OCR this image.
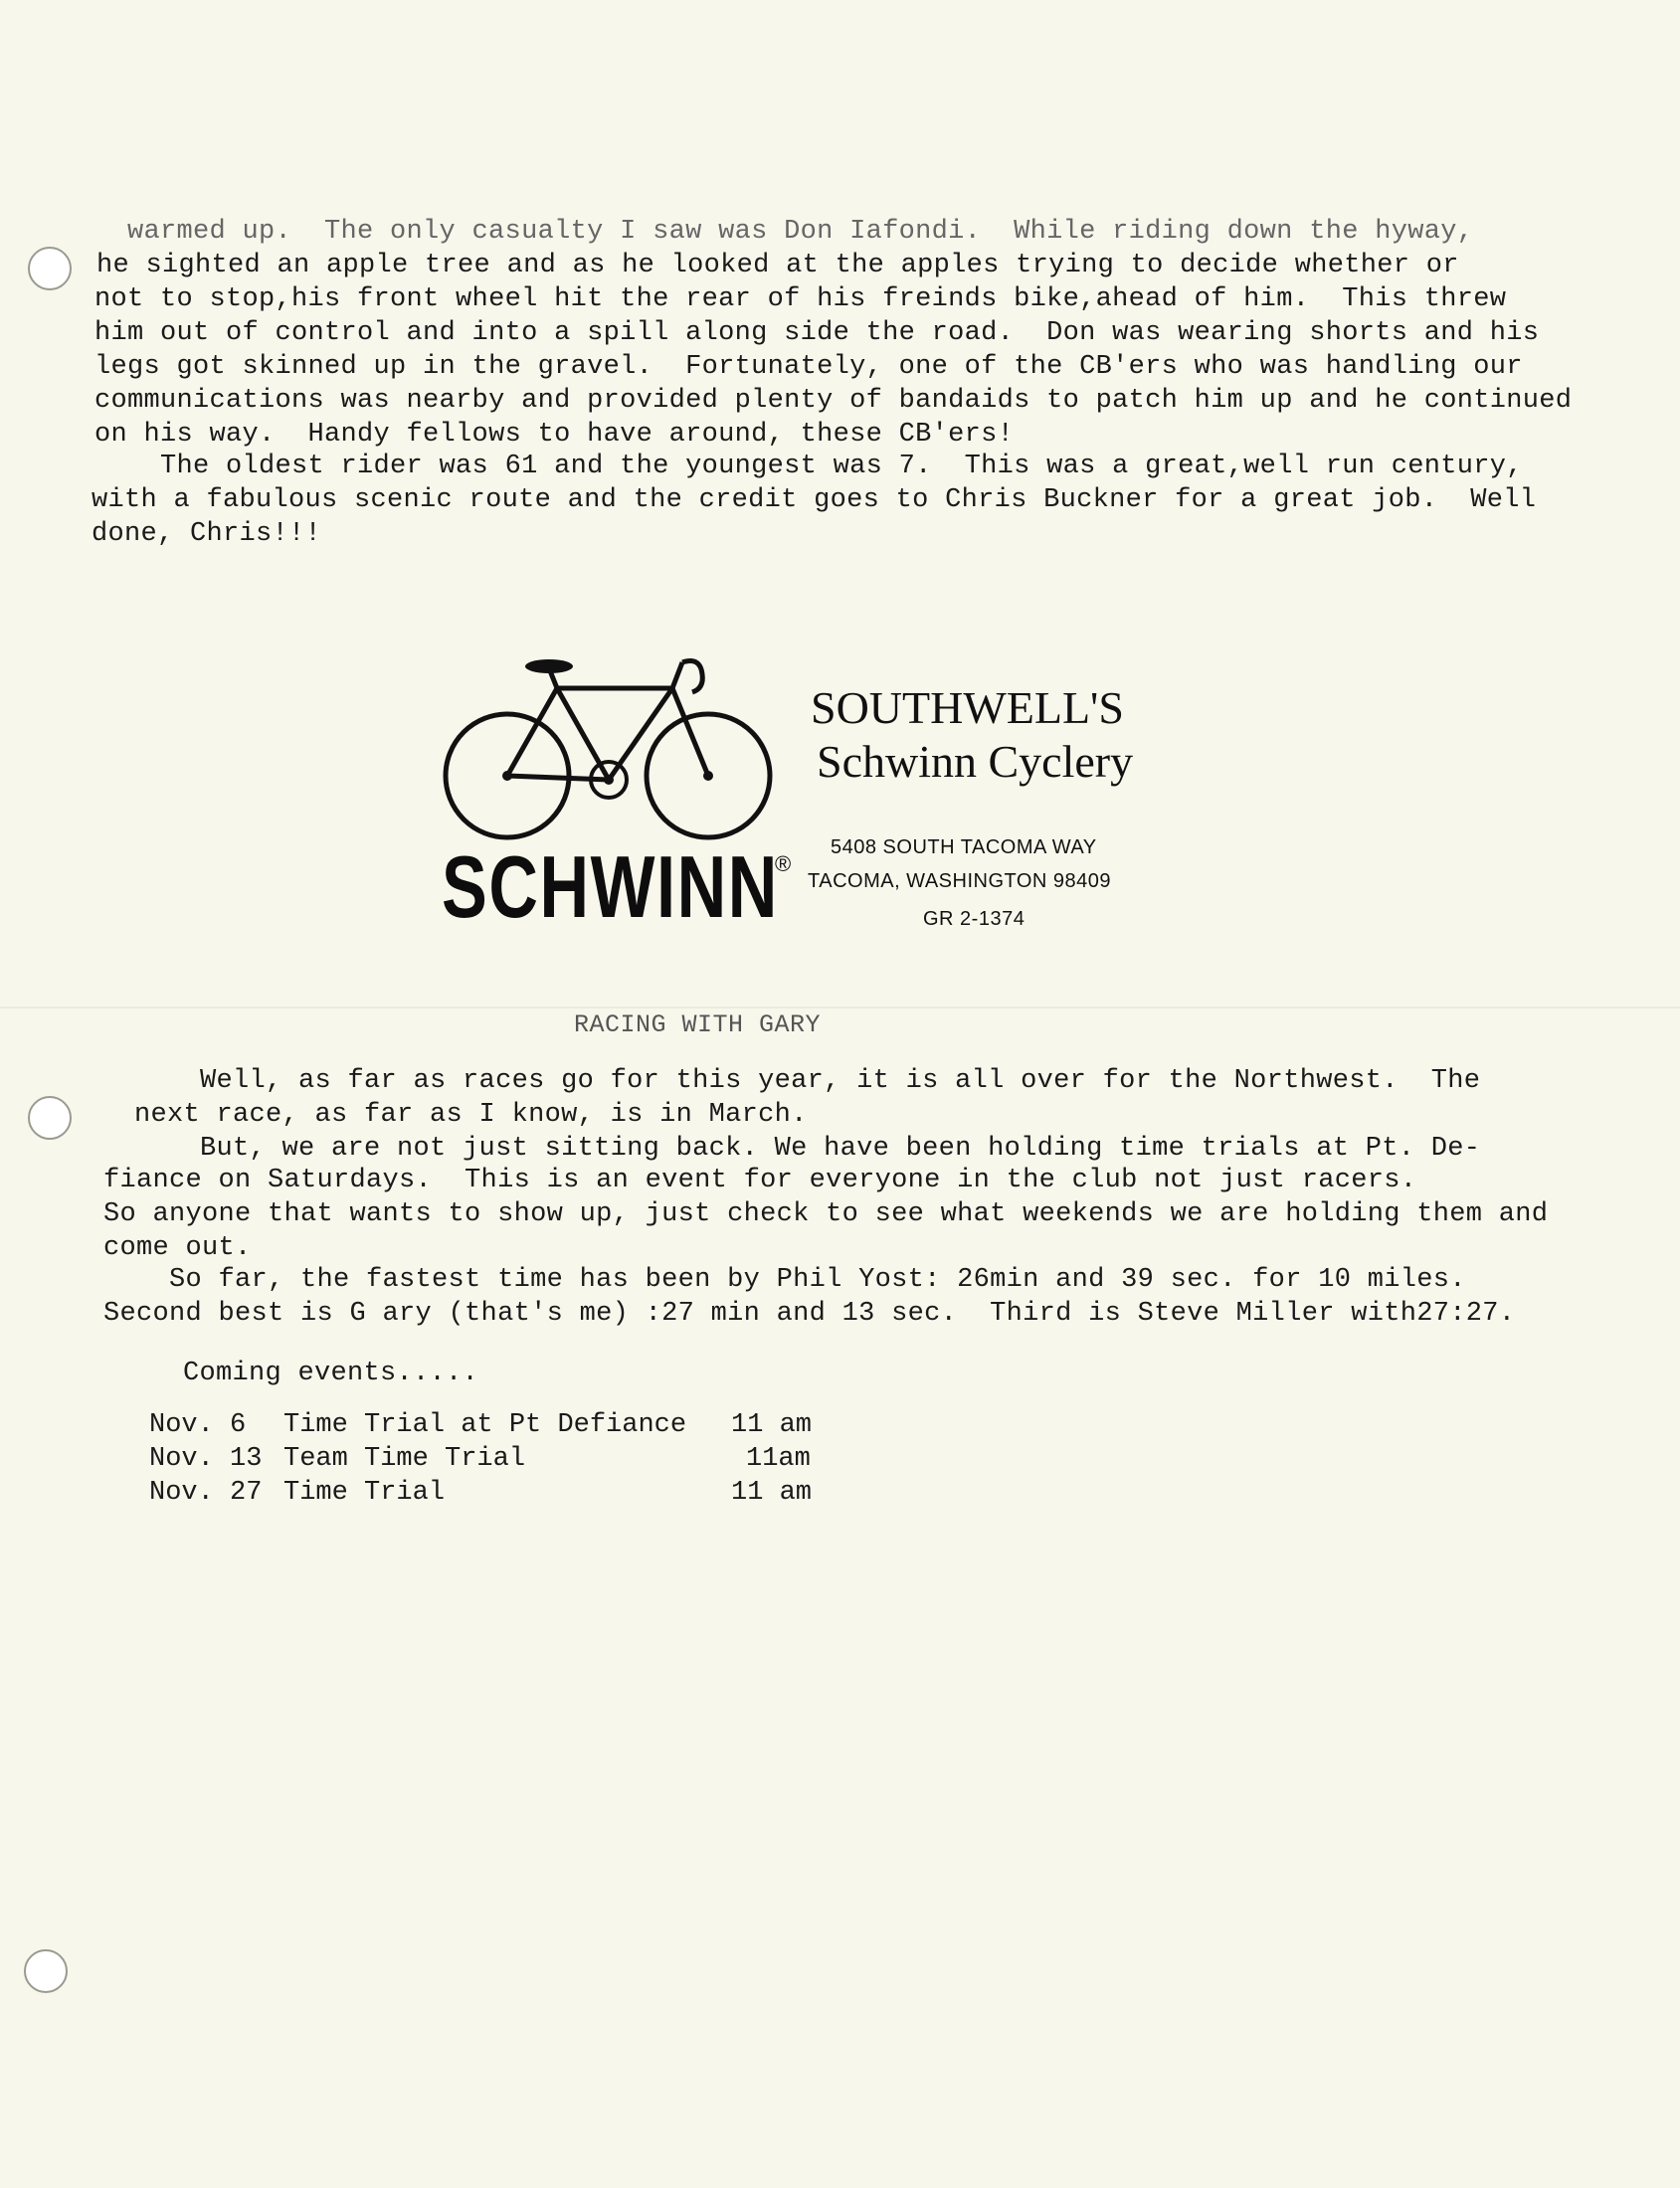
warmed up.  The only casualty I saw was Don Iafondi.  While riding down the hyway,
he sighted an apple tree and as he looked at the apples trying to decide whether or
not to stop,his front wheel hit the rear of his freinds bike,ahead of him.  This threw
him out of control and into a spill along side the road.  Don was wearing shorts and his
legs got skinned up in the gravel.  Fortunately, one of the CB'ers who was handling our
communications was nearby and provided plenty of bandaids to patch him up and he continued
on his way.  Handy fellows to have around, these CB'ers!
The oldest rider was 61 and the youngest was 7.  This was a great,well run century,
with a fabulous scenic route and the credit goes to Chris Buckner for a great job.  Well
done, Chris!!!
SCHWINN
®
SOUTHWELL'S
Schwinn Cyclery
5408 SOUTH TACOMA WAY
TACOMA, WASHINGTON 98409
GR 2-1374
RACING WITH GARY
Well, as far as races go for this year, it is all over for the Northwest.  The
next race, as far as I know, is in March.
But, we are not just sitting back. We have been holding time trials at Pt. De-
fiance on Saturdays.  This is an event for everyone in the club not just racers.
So anyone that wants to show up, just check to see what weekends we are holding them and
come out.
So far, the fastest time has been by Phil Yost: 26min and 39 sec. for 10 miles.
Second best is G ary (that's me) :27 min and 13 sec.  Third is Steve Miller with27:27.
Coming events.....
Nov. 6 Time Trial at Pt Defiance 11 am
Nov. 13 Team Time Trial	11am
Nov. 27 Time Trial	11 am
